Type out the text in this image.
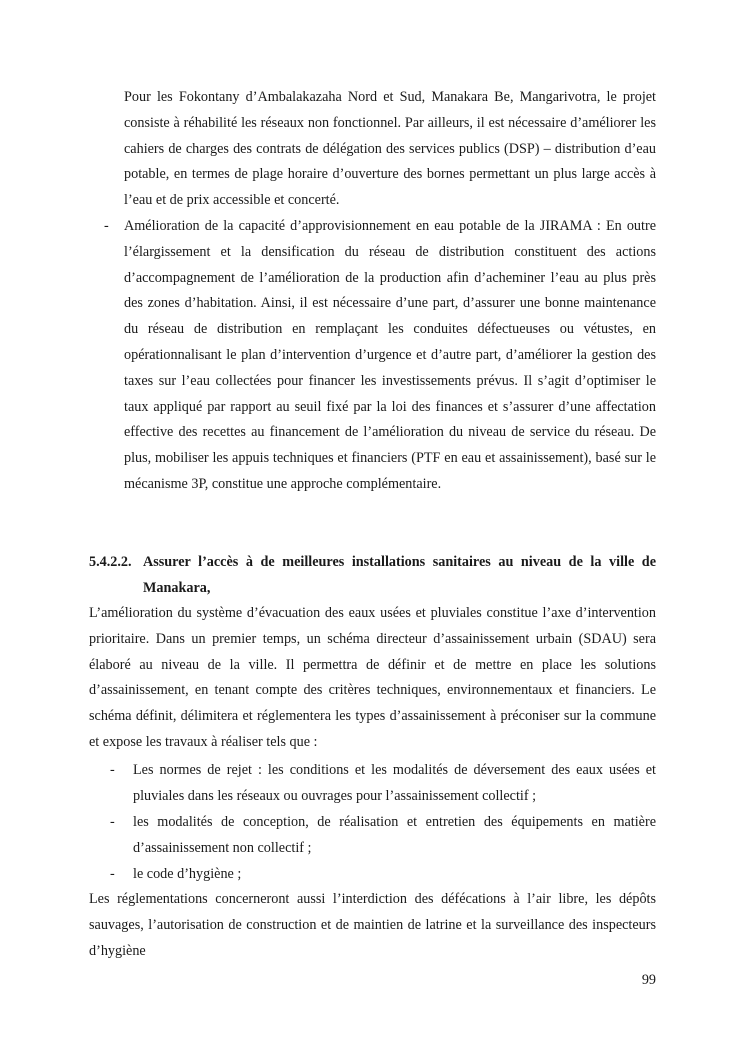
Pour les Fokontany d’Ambalakazaha Nord et Sud, Manakara Be, Mangarivotra, le projet consiste à réhabilité les réseaux non fonctionnel. Par ailleurs, il est nécessaire d’améliorer les cahiers de charges des contrats de délégation des services publics (DSP) – distribution d’eau potable, en termes de plage horaire d’ouverture des bornes permettant un plus large accès à l’eau et de prix accessible et concerté.
- Amélioration de la capacité d’approvisionnement en eau potable de la JIRAMA : En outre l’élargissement et la densification du réseau de distribution constituent des actions d’accompagnement de l’amélioration de la production afin d’acheminer l’eau au plus près des zones d’habitation. Ainsi, il est nécessaire d’une part, d’assurer une bonne maintenance du réseau de distribution en remplaçant les conduites défectueuses ou vétustes, en opérationnalisant le plan d’intervention d’urgence et d’autre part, d’améliorer la gestion des taxes sur l’eau collectées pour financer les investissements prévus. Il s’agit d’optimiser le taux appliqué par rapport au seuil fixé par la loi des finances et s’assurer d’une affectation effective des recettes au financement de l’amélioration du niveau de service du réseau. De plus, mobiliser les appuis techniques et financiers (PTF en eau et assainissement), basé sur le mécanisme 3P, constitue une approche complémentaire.
5.4.2.2. Assurer l’accès à de meilleures installations sanitaires au niveau de la ville de Manakara,
L’amélioration du système d’évacuation des eaux usées et pluviales constitue l’axe d’intervention prioritaire. Dans un premier temps, un schéma directeur d’assainissement urbain (SDAU) sera élaboré au niveau de la ville. Il permettra de définir et de mettre en place les solutions d’assainissement, en tenant compte des critères techniques, environnementaux et financiers. Le schéma définit, délimitera et réglementera les types d’assainissement à préconiser sur la commune et expose les travaux à réaliser tels que :
- Les normes de rejet : les conditions et les modalités de déversement des eaux usées et pluviales dans les réseaux ou ouvrages pour l’assainissement collectif ;
- les modalités de conception, de réalisation et entretien des équipements en matière d’assainissement non collectif ;
- le code d’hygiène ;
Les réglementations concerneront aussi l’interdiction des défécations à l’air libre, les dépôts sauvages, l’autorisation de construction et de maintien de latrine et la surveillance des inspecteurs d’hygiène
99
